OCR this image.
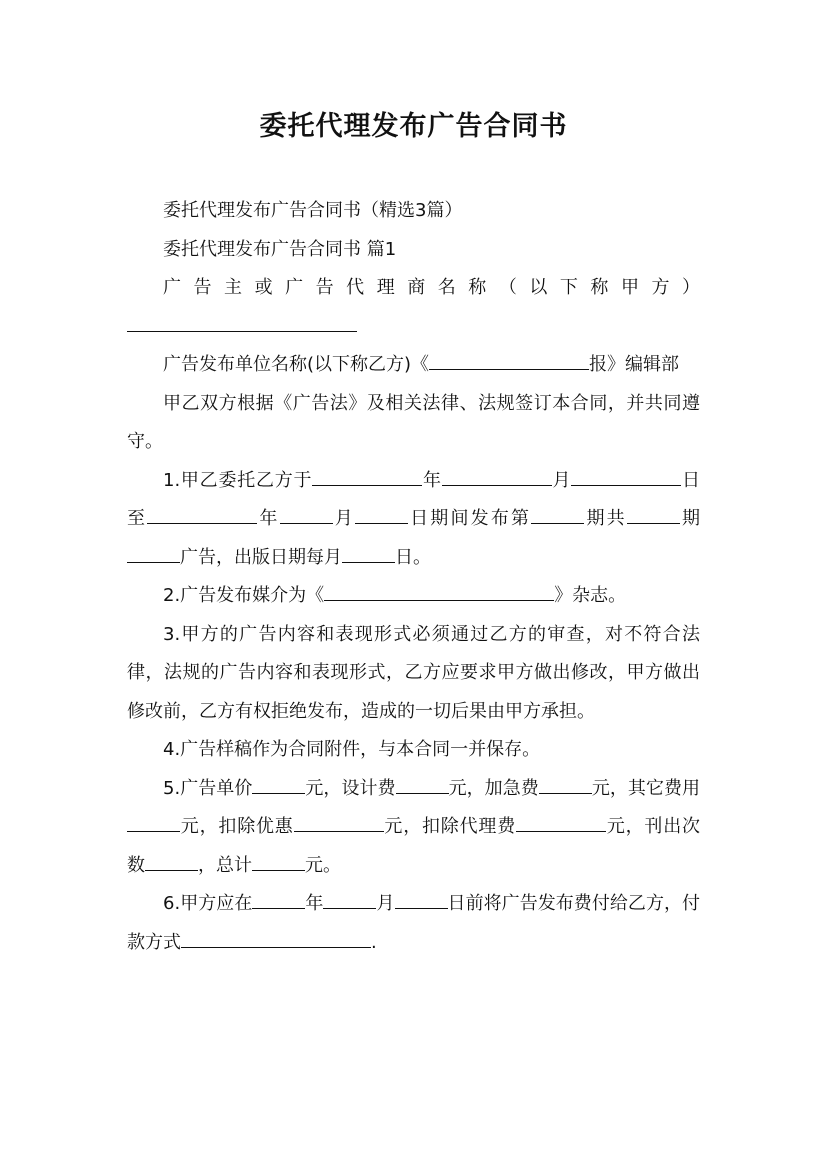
委托代理发布广告合同书

委托代理发布广告合同书（精选3篇）

委托代理发布广告合同书 篇1

广告主或广告代理商名称（以下称甲方）

广告发布单位名称(以下称乙方)《	报》编辑部

甲乙双方根据《广告法》及相关法律、法规签订本合同，并共同遵守。

1.甲乙委托乙方于	年	月	日至	年	月	日期间发布第	期共	期广告，出版日期每月	日。

2.广告发布媒介为《	》杂志。

3.甲方的广告内容和表现形式必须通过乙方的审查，对不符合法律，法规的广告内容和表现形式，乙方应要求甲方做出修改，甲方做出修改前，乙方有权拒绝发布，造成的一切后果由甲方承担。

4.广告样稿作为合同附件，与本合同一并保存。

5.广告单价	元，设计费	元，加急费	元，其它费用元，扣除优惠	元，扣除代理费	元，刊出次数	，总计	元。

6.甲方应在	年	月	日前将广告发布费付给乙方，付款方式	.
